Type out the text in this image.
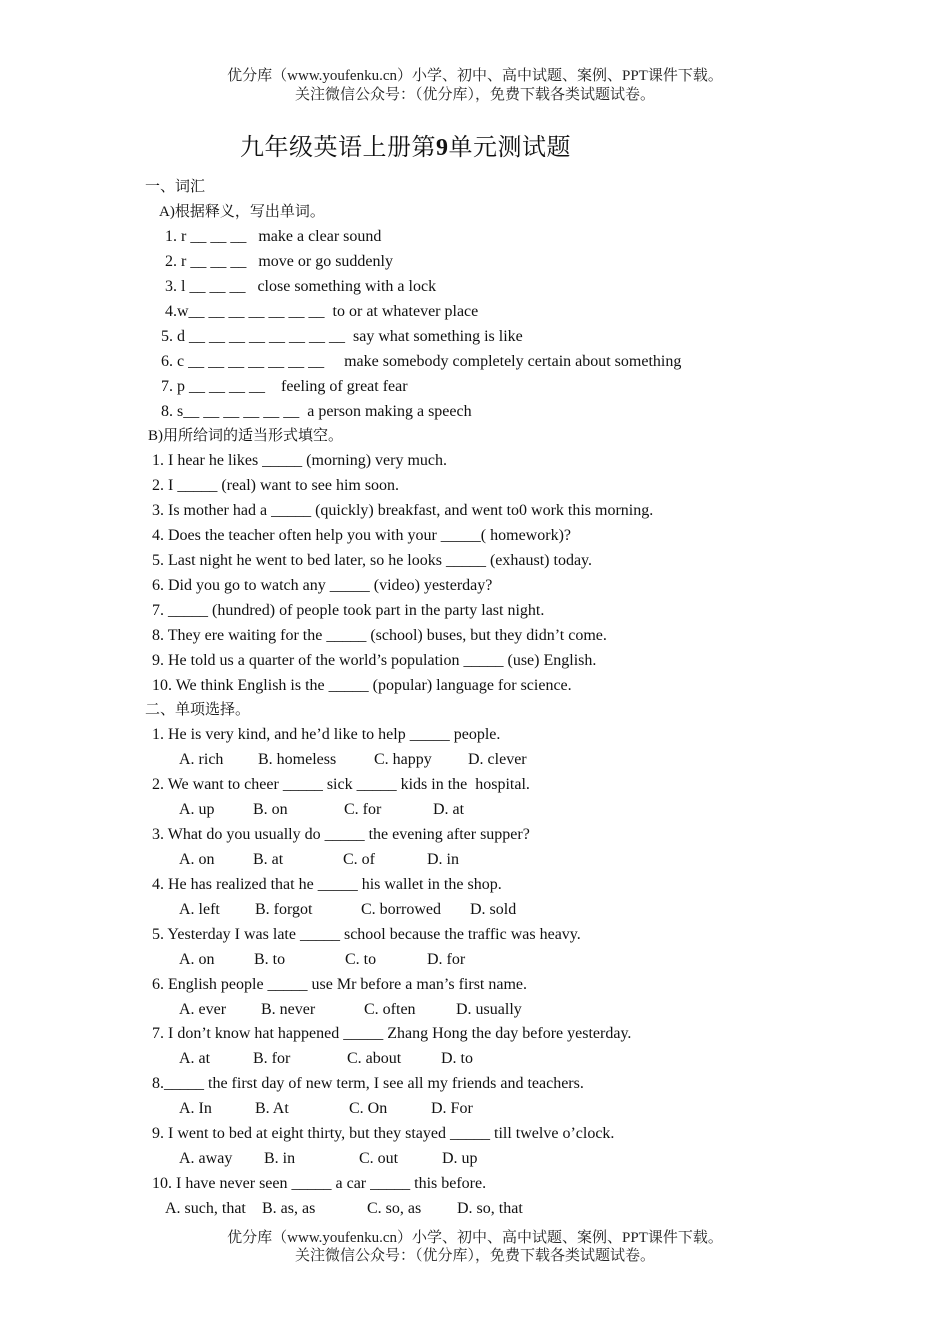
优分库（www.youfenku.cn）小学、初中、高中试题、案例、PPT课件下载。
关注微信公众号：（优分库），免费下载各类试题试卷。
九年级英语上册第9单元测试题
一、词汇
A)根据释义，写出单词。
1. r __ __ __   make a clear sound
2. r __ __ __   move or go suddenly
3. l __ __ __   close something with a lock
4.w__ __ __ __ __ __ __  to or at whatever place
5. d __ __ __ __ __ __ __ __  say what something is like
6. c __ __ __ __ __ __ __     make somebody completely certain about something
7. p __ __ __ __    feeling of great fear
8. s__ __ __ __ __ __  a person making a speech
B)用所给词的适当形式填空。
1. I hear he likes _____ (morning) very much.
2. I _____ (real) want to see him soon.
3. Is mother had a _____ (quickly) breakfast, and went to0 work this morning.
4. Does the teacher often help you with your _____( homework)?
5. Last night he went to bed later, so he looks _____ (exhaust) today.
6. Did you go to watch any _____ (video) yesterday?
7. _____ (hundred) of people took part in the party last night.
8. They ere waiting for the _____ (school) buses, but they didn’t come.
9. He told us a quarter of the world’s population _____ (use) English.
10. We think English is the _____ (popular) language for science.
二、单项选择。
1. He is very kind, and he’d like to help _____ people.
A. rich B. homeless C. happy D. clever
2. We want to cheer _____ sick _____ kids in the  hospital.
A. up B. on	C. for	D. at
3. What do you usually do _____ the evening after supper?
A. on B. at	C. of	D. in
4. He has realized that he _____ his wallet in the shop.
A. left B. forgot	C. borrowed D. sold
5. Yesterday I was late _____ school because the traffic was heavy.
A. on B. to	C. to	D. for
6. English people _____ use Mr before a man’s first name.
A. ever B. never	C. often	D. usually
7. I don’t know hat happened _____ Zhang Hong the day before yesterday.
A. at	B. for	C. about D. to
8._____ the first day of new term, I see all my friends and teachers.
A. In	B. At	C. On	D. For
9. I went to bed at eight thirty, but they stayed _____ till twelve o’clock.
A. away B. in	C. out	D. up
10. I have never seen _____ a car _____ this before.
A. such, that B. as, as	C. so, as D. so, that
优分库（www.youfenku.cn）小学、初中、高中试题、案例、PPT课件下载。
关注微信公众号：（优分库），免费下载各类试题试卷。
